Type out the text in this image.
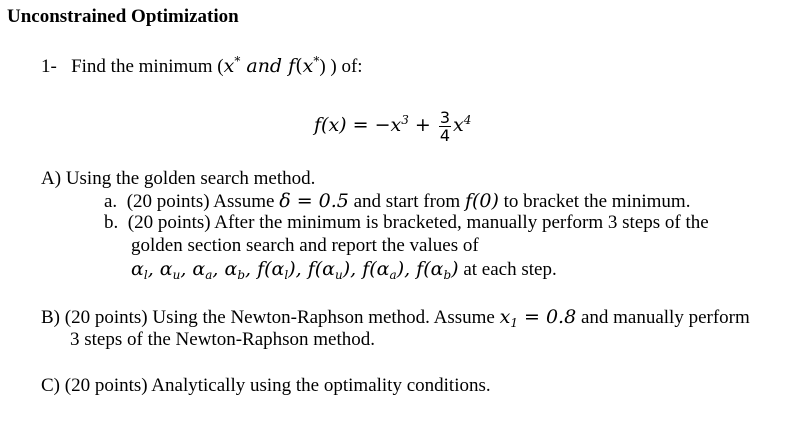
Unconstrained Optimization
1- Find the minimum (x* and f(x*) ) of:
$f(x) = -x^3 + \frac{3}{4} x^4$
A) Using the golden search method.
a. (20 points) Assume δ = 0.5 and start from f(0) to bracket the minimum.
b. (20 points) After the minimum is bracketed, manually perform 3 steps of the
golden section search and report the values of
$\alpha_l$, $\alpha_u$, $\alpha_a$, $\alpha_b$, $f(\alpha_l)$, $f(\alpha_u)$, $f(\alpha_a)$, $f(\alpha_b)$ at each step.
B) (20 points) Using the Newton-Raphson method. Assume $x_1 = 0.8$ and manually perform
3 steps of the Newton-Raphson method.
C) (20 points) Analytically using the optimality conditions.
